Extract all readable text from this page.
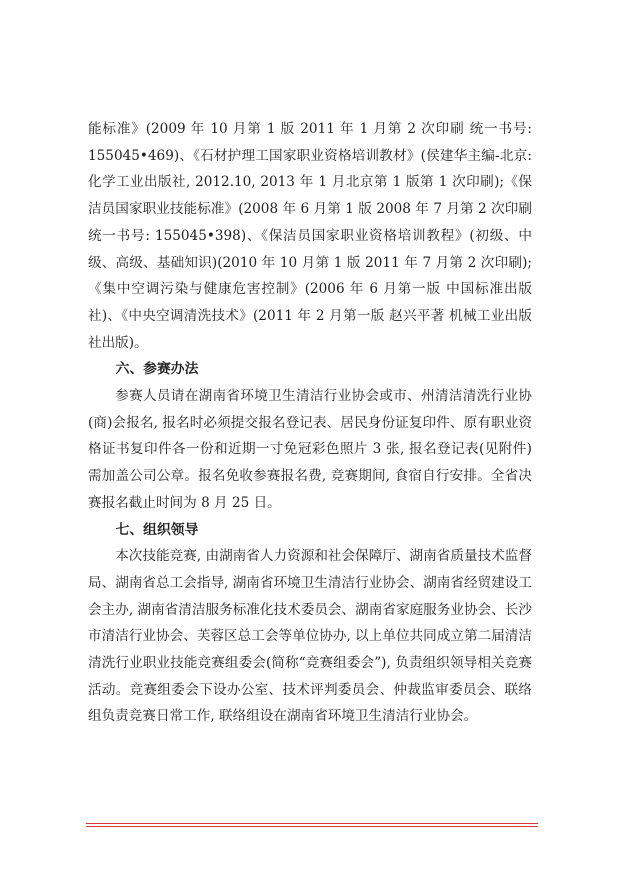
能标准》(2009 年 10 月第 1 版 2011 年 1 月第 2 次印刷 统一书号: 155045•469)、《石材护理工国家职业资格培训教材》(侯建华主编-北京: 化学工业出版社, 2012.10, 2013 年 1 月北京第 1 版第 1 次印刷);《保洁员国家职业技能标准》(2008 年 6 月第 1 版 2008 年 7 月第 2 次印刷 统一书号: 155045•398)、《保洁员国家职业资格培训教程》(初级、中级、高级、基础知识)(2010 年 10 月第 1 版 2011 年 7 月第 2 次印刷);《集中空调污染与健康危害控制》(2006 年 6 月第一版 中国标准出版社)、《中央空调清洗技术》(2011 年 2 月第一版 赵兴平著 机械工业出版社出版)。

六、参赛办法

参赛人员请在湖南省环境卫生清洁行业协会或市、州清洁清洗行业协(商)会报名, 报名时必须提交报名登记表、居民身份证复印件、原有职业资格证书复印件各一份和近期一寸免冠彩色照片 3 张, 报名登记表(见附件)需加盖公司公章。报名免收参赛报名费, 竞赛期间, 食宿自行安排。全省决赛报名截止时间为 8 月 25 日。

七、组织领导

本次技能竞赛, 由湖南省人力资源和社会保障厅、湖南省质量技术监督局、湖南省总工会指导, 湖南省环境卫生清洁行业协会、湖南省经贸建设工会主办, 湖南省清洁服务标准化技术委员会、湖南省家庭服务业协会、长沙市清洁行业协会、芙蓉区总工会等单位协办, 以上单位共同成立第二届清洁清洗行业职业技能竞赛组委会(简称“竞赛组委会”), 负责组织领导相关竞赛活动。竞赛组委会下设办公室、技术评判委员会、仲裁监审委员会、联络组负责竞赛日常工作, 联络组设在湖南省环境卫生清洁行业协会。
